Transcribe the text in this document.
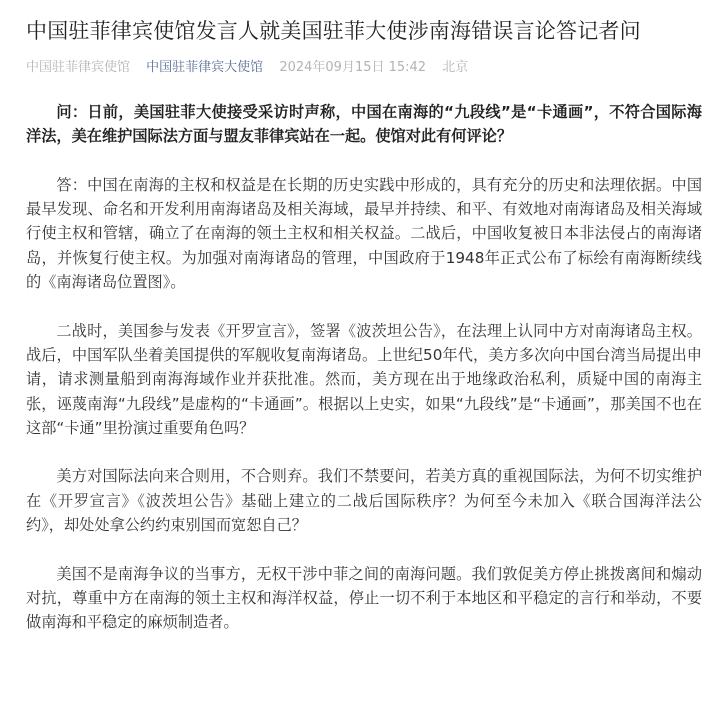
中国驻菲律宾使馆发言人就美国驻菲大使涉南海错误言论答记者问
中国驻菲律宾使馆 中国驻菲律宾大使馆 2024年09月15日 15:42 北京

问：日前，美国驻菲大使接受采访时声称，中国在南海的“九段线”是“卡通画”，不符合国际海洋法，美在维护国际法方面与盟友菲律宾站在一起。使馆对此有何评论？

答：中国在南海的主权和权益是在长期的历史实践中形成的，具有充分的历史和法理依据。中国最早发现、命名和开发利用南海诸岛及相关海域，最早并持续、和平、有效地对南海诸岛及相关海域行使主权和管辖，确立了在南海的领土主权和相关权益。二战后，中国收复被日本非法侵占的南海诸岛，并恢复行使主权。为加强对南海诸岛的管理，中国政府于1948年正式公布了标绘有南海断续线的《南海诸岛位置图》。

二战时，美国参与发表《开罗宣言》，签署《波茨坦公告》，在法理上认同中方对南海诸岛主权。战后，中国军队坐着美国提供的军舰收复南海诸岛。上世纪50年代，美方多次向中国台湾当局提出申请，请求测量船到南海海域作业并获批准。然而，美方现在出于地缘政治私利，质疑中国的南海主张，诬蔑南海“九段线”是虚构的“卡通画”。根据以上史实，如果“九段线”是“卡通画”，那美国不也在这部“卡通”里扮演过重要角色吗？

美方对国际法向来合则用，不合则弃。我们不禁要问，若美方真的重视国际法，为何不切实维护在《开罗宣言》《波茨坦公告》基础上建立的二战后国际秩序？为何至今未加入《联合国海洋法公约》，却处处拿公约约束别国而宽恕自己？

美国不是南海争议的当事方，无权干涉中菲之间的南海问题。我们敦促美方停止挑拨离间和煽动对抗，尊重中方在南海的领土主权和海洋权益，停止一切不利于本地区和平稳定的言行和举动，不要做南海和平稳定的麻烦制造者。
